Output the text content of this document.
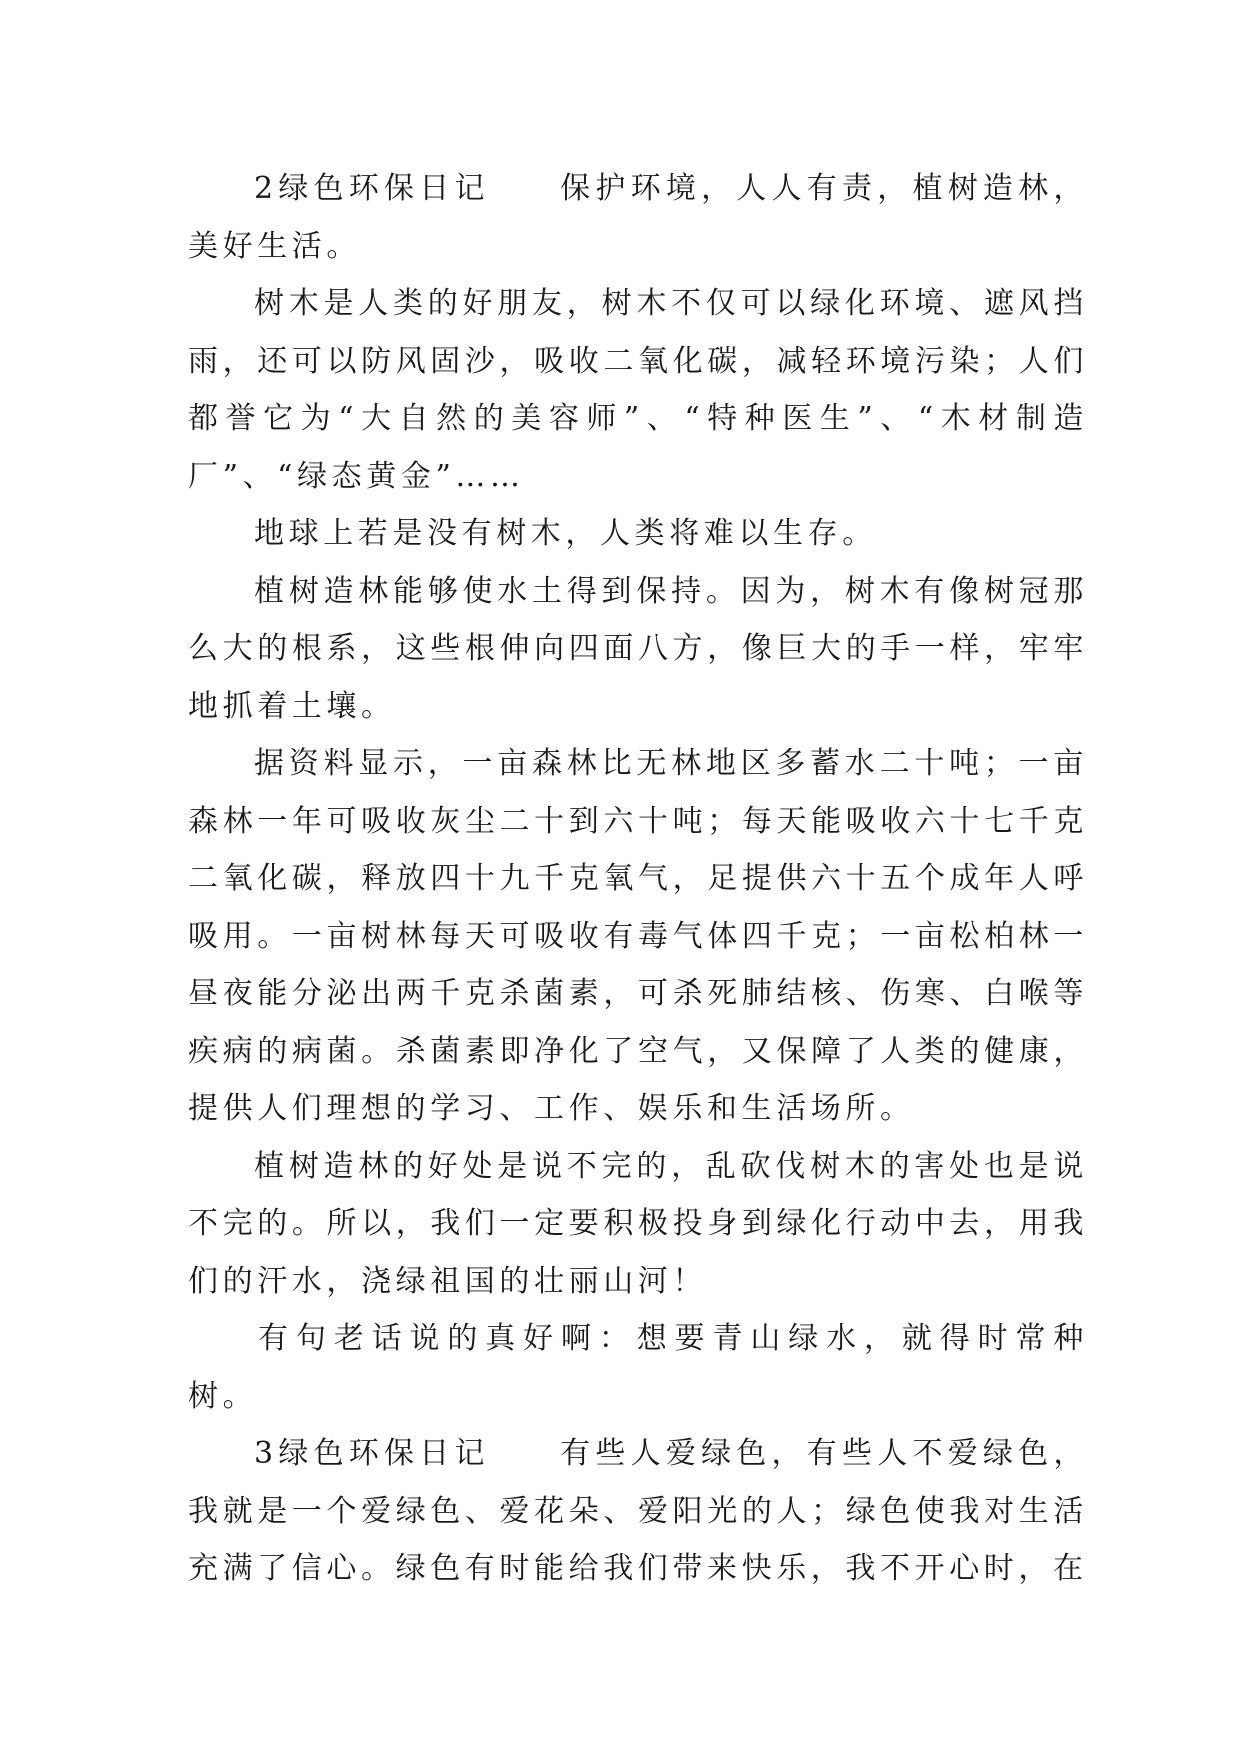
2绿色环保日记　　保护环境，人人有责，植树造林，美好生活。

树木是人类的好朋友，树木不仅可以绿化环境、遮风挡雨，还可以防风固沙，吸收二氧化碳，减轻环境污染；人们都誉它为“大自然的美容师”、“特种医生”、“木材制造厂”、“绿态黄金”……

地球上若是没有树木，人类将难以生存。

植树造林能够使水土得到保持。因为，树木有像树冠那么大的根系，这些根伸向四面八方，像巨大的手一样，牢牢地抓着土壤。

据资料显示，一亩森林比无林地区多蓄水二十吨；一亩森林一年可吸收灰尘二十到六十吨；每天能吸收六十七千克二氧化碳，释放四十九千克氧气，足提供六十五个成年人呼吸用。一亩树林每天可吸收有毒气体四千克；一亩松柏林一昼夜能分泌出两千克杀菌素，可杀死肺结核、伤寒、白喉等疾病的病菌。杀菌素即净化了空气，又保障了人类的健康，提供人们理想的学习、工作、娱乐和生活场所。

植树造林的好处是说不完的，乱砍伐树木的害处也是说不完的。所以，我们一定要积极投身到绿化行动中去，用我们的汗水，浇绿祖国的壮丽山河！

有句老话说的真好啊：想要青山绿水，就得时常种树。

3绿色环保日记　　有些人爱绿色，有些人不爱绿色，我就是一个爱绿色、爱花朵、爱阳光的人；绿色使我对生活充满了信心。绿色有时能给我们带来快乐，我不开心时，在
